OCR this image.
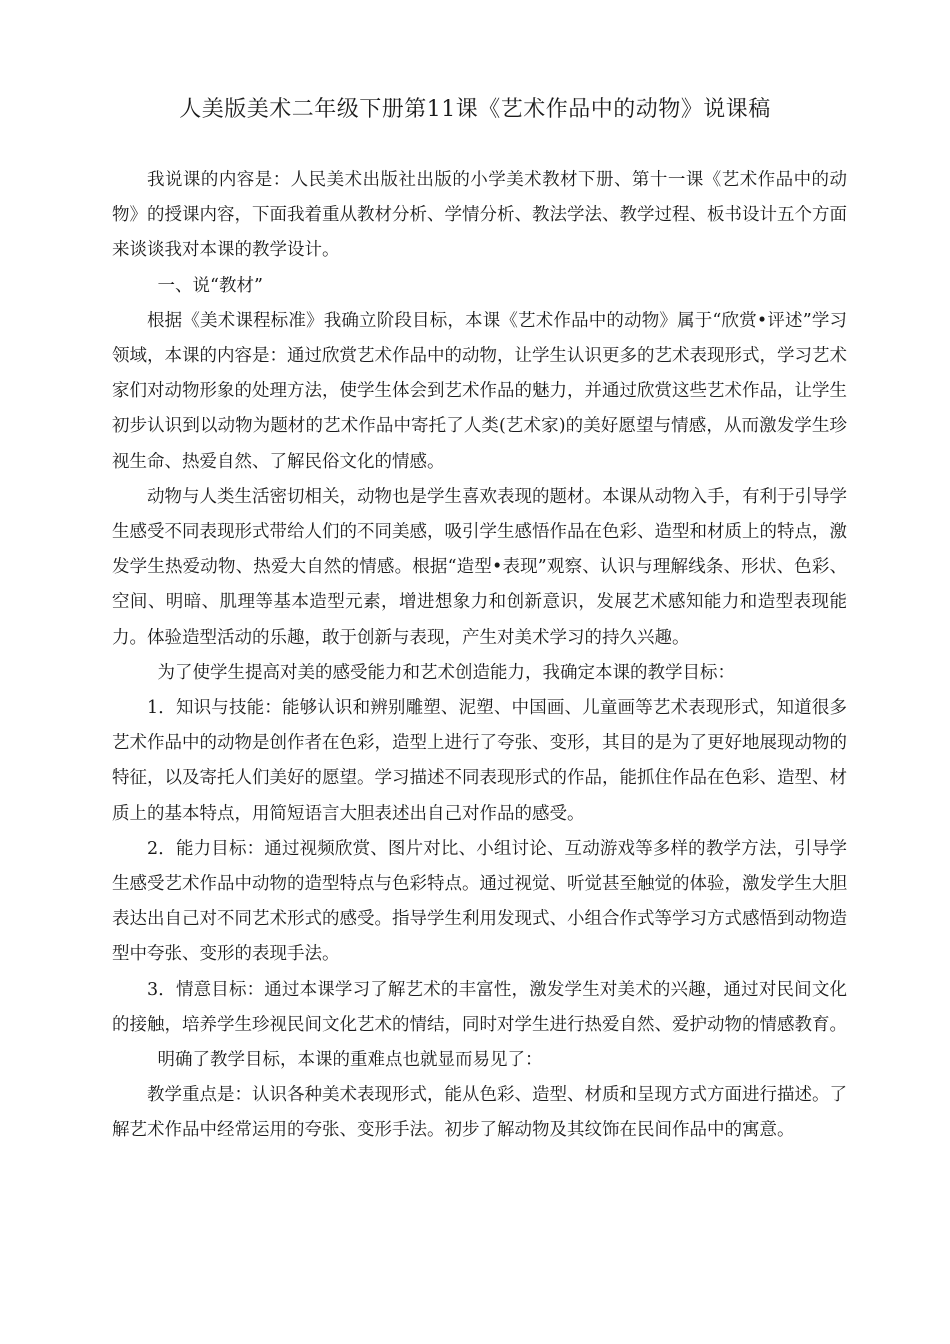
人美版美术二年级下册第11课《艺术作品中的动物》说课稿

我说课的内容是：人民美术出版社出版的小学美术教材下册、第十一课《艺术作品中的动物》的授课内容，下面我着重从教材分析、学情分析、教法学法、教学过程、板书设计五个方面来谈谈我对本课的教学设计。

一、说“教材”

根据《美术课程标准》我确立阶段目标，本课《艺术作品中的动物》属于“欣赏•评述”学习领域，本课的内容是：通过欣赏艺术作品中的动物，让学生认识更多的艺术表现形式，学习艺术家们对动物形象的处理方法，使学生体会到艺术作品的魅力，并通过欣赏这些艺术作品，让学生初步认识到以动物为题材的艺术作品中寄托了人类(艺术家)的美好愿望与情感，从而激发学生珍视生命、热爱自然、了解民俗文化的情感。

动物与人类生活密切相关，动物也是学生喜欢表现的题材。本课从动物入手，有利于引导学生感受不同表现形式带给人们的不同美感，吸引学生感悟作品在色彩、造型和材质上的特点，激发学生热爱动物、热爱大自然的情感。根据“造型•表现”观察、认识与理解线条、形状、色彩、空间、明暗、肌理等基本造型元素，增进想象力和创新意识，发展艺术感知能力和造型表现能力。体验造型活动的乐趣，敢于创新与表现，产生对美术学习的持久兴趣。

为了使学生提高对美的感受能力和艺术创造能力，我确定本课的教学目标：

1．知识与技能：能够认识和辨别雕塑、泥塑、中国画、儿童画等艺术表现形式，知道很多艺术作品中的动物是创作者在色彩，造型上进行了夸张、变形，其目的是为了更好地展现动物的特征，以及寄托人们美好的愿望。学习描述不同表现形式的作品，能抓住作品在色彩、造型、材质上的基本特点，用简短语言大胆表述出自己对作品的感受。

2．能力目标：通过视频欣赏、图片对比、小组讨论、互动游戏等多样的教学方法，引导学生感受艺术作品中动物的造型特点与色彩特点。通过视觉、听觉甚至触觉的体验，激发学生大胆表达出自己对不同艺术形式的感受。指导学生利用发现式、小组合作式等学习方式感悟到动物造型中夸张、变形的表现手法。

3．情意目标：通过本课学习了解艺术的丰富性，激发学生对美术的兴趣，通过对民间文化的接触，培养学生珍视民间文化艺术的情结，同时对学生进行热爱自然、爱护动物的情感教育。

明确了教学目标，本课的重难点也就显而易见了：

教学重点是：认识各种美术表现形式，能从色彩、造型、材质和呈现方式方面进行描述。了解艺术作品中经常运用的夸张、变形手法。初步了解动物及其纹饰在民间作品中的寓意。
